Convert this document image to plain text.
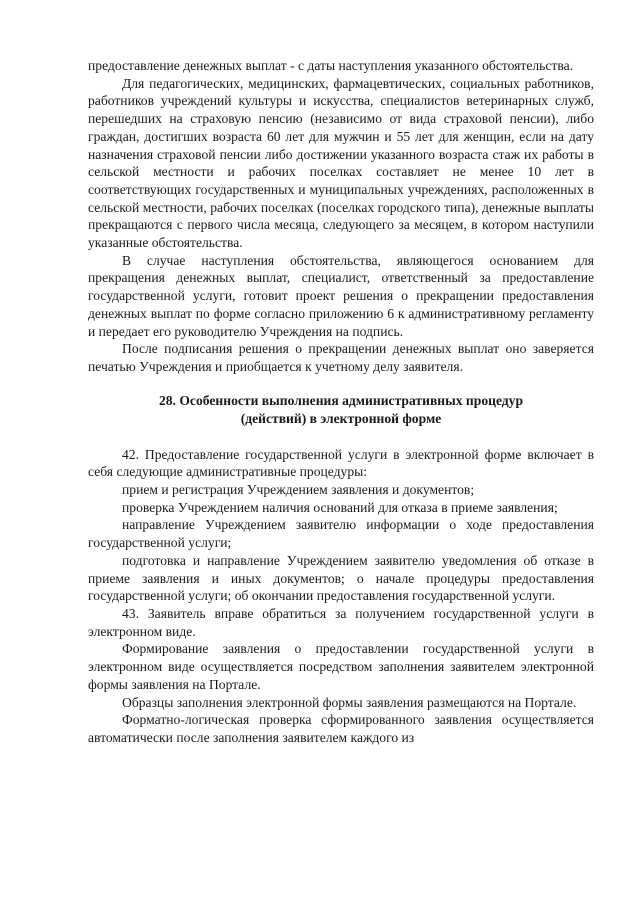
предоставление денежных выплат - с даты наступления указанного обстоятельства.

Для педагогических, медицинских, фармацевтических, социальных работников, работников учреждений культуры и искусства, специалистов ветеринарных служб, перешедших на страховую пенсию (независимо от вида страховой пенсии), либо граждан, достигших возраста 60 лет для мужчин и 55 лет для женщин, если на дату назначения страховой пенсии либо достижении указанного возраста стаж их работы в сельской местности и рабочих поселках составляет не менее 10 лет в соответствующих государственных и муниципальных учреждениях, расположенных в сельской местности, рабочих поселках (поселках городского типа), денежные выплаты прекращаются с первого числа месяца, следующего за месяцем, в котором наступили указанные обстоятельства.

В случае наступления обстоятельства, являющегося основанием для прекращения денежных выплат, специалист, ответственный за предоставление государственной услуги, готовит проект решения о прекращении предоставления денежных выплат по форме согласно приложению 6 к административному регламенту и передает его руководителю Учреждения на подпись.

После подписания решения о прекращении денежных выплат оно заверяется печатью Учреждения и приобщается к учетному делу заявителя.

28. Особенности выполнения административных процедур
(действий) в электронной форме

42. Предоставление государственной услуги в электронной форме включает в себя следующие административные процедуры:

прием и регистрация Учреждением заявления и документов;

проверка Учреждением наличия оснований для отказа в приеме заявления;

направление Учреждением заявителю информации о ходе предоставления государственной услуги;

подготовка и направление Учреждением заявителю уведомления об отказе в приеме заявления и иных документов; о начале процедуры предоставления государственной услуги; об окончании предоставления государственной услуги.

43. Заявитель вправе обратиться за получением государственной услуги в электронном виде.

Формирование заявления о предоставлении государственной услуги в электронном виде осуществляется посредством заполнения заявителем электронной формы заявления на Портале.

Образцы заполнения электронной формы заявления размещаются на Портале.

Форматно-логическая проверка сформированного заявления осуществляется автоматически после заполнения заявителем каждого из
